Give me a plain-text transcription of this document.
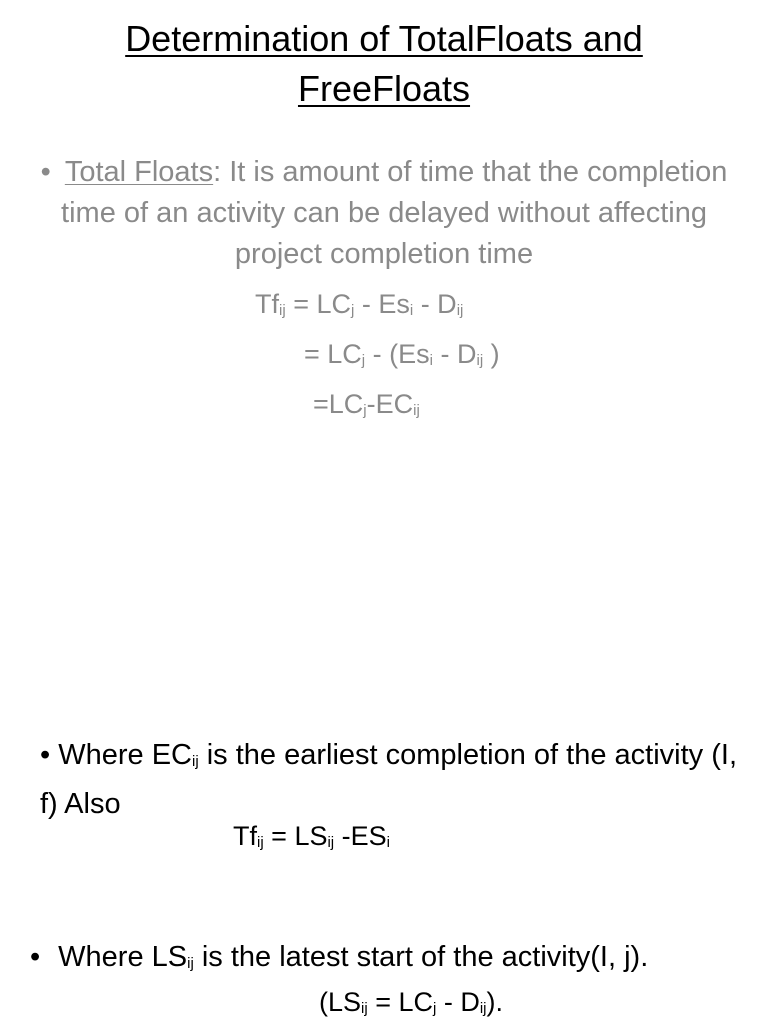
Determination of TotalFloats and
FreeFloats
• Total Floats: It is amount of time that the completion time of an activity can be delayed without affecting project completion time
$Tf_{ij} = LC_j - Es_i - D_{ij}$
= $LC_j - (Es_i - D_{ij}$ )
$=LC_j-EC_{ij}$
• Where $EC_{ij}$ is the earliest completion of the activity (I, f) Also
$Tf_{ij} = LS_{ij}$ $-ES_i$
• Where $LS_{ij}$ is the latest start of the activity(I, j).
$(LS_{ij} = LC_j - D_{ij})$.
